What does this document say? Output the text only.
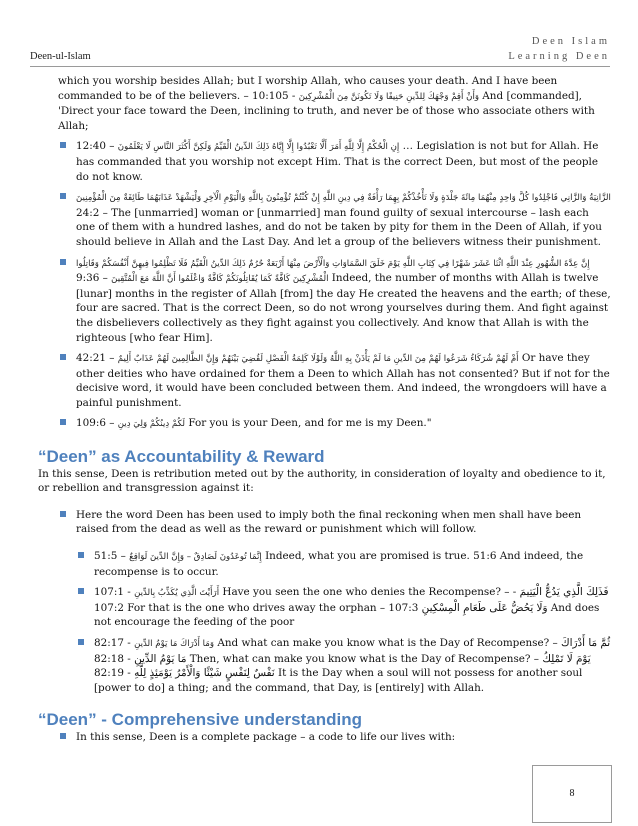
Deen Islam
Learning Deen
Deen-ul-Islam

which you worship besides Allah; but I worship Allah, who causes your death. And I have been commanded to be of the believers. –	وَأَنْ أَقِمْ وَجْهَكَ لِلدِّينِ حَنِيفًا وَلَا تَكُونَنَّ مِنَ الْمُشْرِكِينَ - 10:105 And [commanded], 'Direct your face toward the Deen, inclining to truth, and never be of those who associate others with Allah;

إِنِ الْحُكْمُ إِلَّا لِلَّهِ أَمَرَ أَلَّا تَعْبُدُوا إِلَّا إِيَّاهُ ذَلِكَ الدِّينُ الْقَيِّمُ وَلَكِنَّ أَكْثَرَ النَّاسِ لَا يَعْلَمُونَ – 12:40 … Legislation is not but for Allah. He has commanded that you worship not except Him. That is the correct Deen, but most of the people do not know.
الزَّانِيَةُ وَالزَّانِي فَاجْلِدُوا كُلَّ وَاحِدٍ مِنْهُمَا مِائَةَ جَلْدَةٍ وَلَا تَأْخُذْكُمْ بِهِمَا رَأْفَةٌ فِي دِينِ اللَّهِ إِنْ كُنْتُمْ تُؤْمِنُونَ بِاللَّهِ وَالْيَوْمِ الْآخِرِ وَلْيَشْهَدْ عَذَابَهُمَا طَائِفَةٌ مِنَ الْمُؤْمِنِينَ – 24:2 The [unmarried] woman or [unmarried] man found guilty of sexual intercourse – lash each one of them with a hundred lashes, and do not be taken by pity for them in the Deen of Allah, if you should believe in Allah and the Last Day. And let a group of the believers witness their punishment.
إِنَّ عِدَّةَ الشُّهُورِ عِنْدَ اللَّهِ اثْنَا عَشَرَ شَهْرًا فِي كِتَابِ اللَّهِ يَوْمَ خَلَقَ السَّمَاوَاتِ وَالْأَرْضَ مِنْهَا أَرْبَعَةٌ حُرُمٌ ذَلِكَ الدِّينُ الْقَيِّمُ فَلَا تَظْلِمُوا فِيهِنَّ أَنْفُسَكُمْ وَقَاتِلُوا الْمُشْرِكِينَ كَافَّةً كَمَا يُقَاتِلُونَكُمْ كَافَّةً وَاعْلَمُوا أَنَّ اللَّهَ مَعَ الْمُتَّقِينَ – 9:36 Indeed, the number of months with Allah is twelve [lunar] months in the register of Allah [from] the day He created the heavens and the earth; of these, four are sacred. That is the correct Deen, so do not wrong yourselves during them. And fight against the disbelievers collectively as they fight against you collectively. And know that Allah is with the righteous [who fear Him].
أَمْ لَهُمْ شُرَكَاءُ شَرَعُوا لَهُمْ مِنَ الدِّينِ مَا لَمْ يَأْذَنْ بِهِ اللَّهُ وَلَوْلَا كَلِمَةُ الْفَصْلِ لَقُضِيَ بَيْنَهُمْ وَإِنَّ الظَّالِمِينَ لَهُمْ عَذَابٌ أَلِيمٌ – 42:21 Or have they other deities who have ordained for them a Deen to which Allah has not consented? But if not for the decisive word, it would have been concluded between them. And indeed, the wrongdoers will have a painful punishment.
لَكُمْ دِينُكُمْ وَلِيَ دِينِ – 109:6 For you is your Deen, and for me is my Deen."
“Deen” as Accountability & Reward

In this sense, Deen is retribution meted out by the authority, in consideration of loyalty and obedience to it, or rebellion and transgression against it:

Here the word Deen has been used to imply both the final reckoning when men shall have been raised from the dead as well as the reward or punishment which will follow.
إِنَّمَا تُوعَدُونَ لَصَادِقٌ – وَإِنَّ الدِّينَ لَوَاقِعٌ – 51:5 Indeed, what you are promised is true. 51:6 And indeed, the recompense is to occur.
أَرَأَيْتَ الَّذِي يُكَذِّبُ بِالدِّينِ - 107:1 Have you seen the one who denies the Recompense? – فَذَلِكَ الَّذِي يَدُعُّ الْيَتِيمَ - 107:2 For that is the one who drives away the orphan – وَلَا يَحُضُّ عَلَى طَعَامِ الْمِسْكِينِ 107:3 And does not encourage the feeding of the poor
وَمَا أَدْرَاكَ مَا يَوْمُ الدِّينِ - 82:17 And what can make you know what is the Day of Recompense? – ثُمَّ مَا أَدْرَاكَ مَا يَوْمُ الدِّينِ - 82:18 Then, what can make you know what is the Day of Recompense? – يَوْمَ لَا تَمْلِكُ نَفْسٌ لِنَفْسٍ شَيْئًا وَالْأَمْرُ يَوْمَئِذٍ لِلَّهِ - 82:19 It is the Day when a soul will not possess for another soul [power to do] a thing; and the command, that Day, is [entirely] with Allah.
“Deen” - Comprehensive understanding
In this sense, Deen is a complete package – a code to life our lives with:
8
